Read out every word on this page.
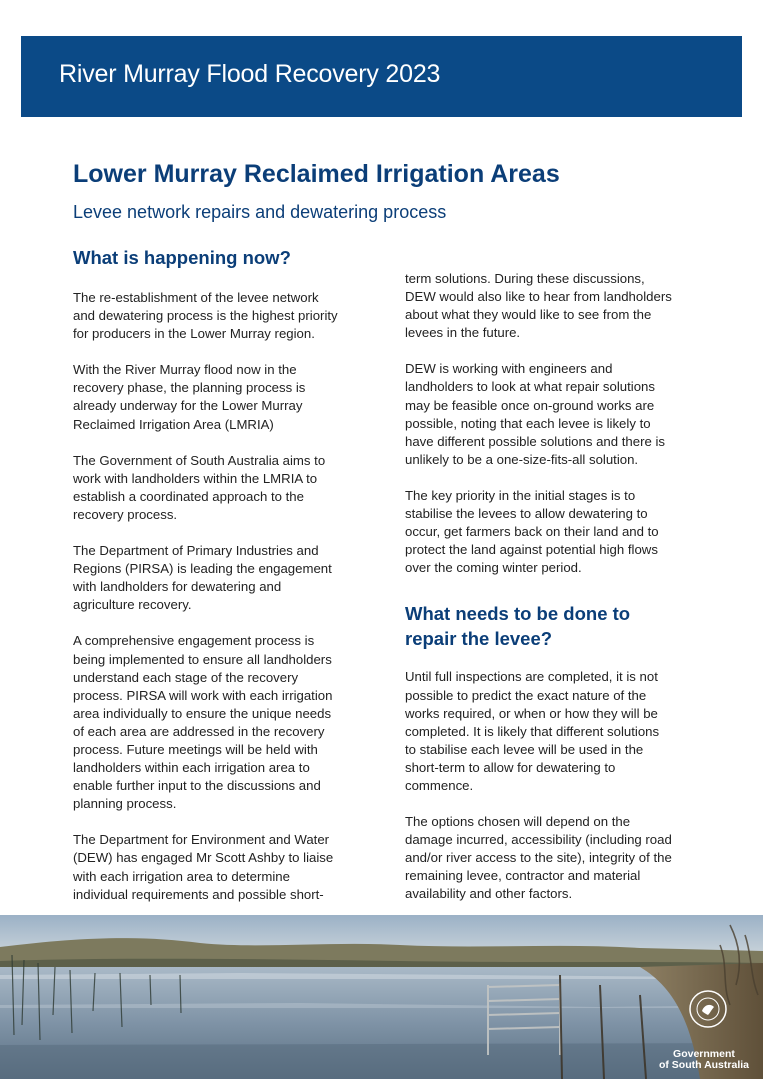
River Murray Flood Recovery 2023
Lower Murray Reclaimed Irrigation Areas
Levee network repairs and dewatering process
What is happening now?

The re-establishment of the levee network
and dewatering process is the highest priority
for producers in the Lower Murray region.

With the River Murray flood now in the
recovery phase, the planning process is
already underway for the Lower Murray
Reclaimed Irrigation Area (LMRIA)

The Government of South Australia aims to
work with landholders within the LMRIA to
establish a coordinated approach to the
recovery process.

The Department of Primary Industries and
Regions (PIRSA) is leading the engagement
with landholders for dewatering and
agriculture recovery.

A comprehensive engagement process is
being implemented to ensure all landholders
understand each stage of the recovery
process. PIRSA will work with each irrigation
area individually to ensure the unique needs
of each area are addressed in the recovery
process. Future meetings will be held with
landholders within each irrigation area to
enable further input to the discussions and
planning process.

The Department for Environment and Water
(DEW) has engaged Mr Scott Ashby to liaise
with each irrigation area to determine
individual requirements and possible short-

term solutions. During these discussions,
DEW would also like to hear from landholders
about what they would like to see from the
levees in the future.

DEW is working with engineers and
landholders to look at what repair solutions
may be feasible once on-ground works are
possible, noting that each levee is likely to
have different possible solutions and there is
unlikely to be a one-size-fits-all solution.

The key priority in the initial stages is to
stabilise the levees to allow dewatering to
occur, get farmers back on their land and to
protect the land against potential high flows
over the coming winter period.

What needs to be done to
repair the levee?

Until full inspections are completed, it is not
possible to predict the exact nature of the
works required, or when or how they will be
completed. It is likely that different solutions
to stabilise each levee will be used in the
short-term to allow for dewatering to
commence.

The options chosen will depend on the
damage incurred, accessibility (including road
and/or river access to the site), integrity of the
remaining levee, contractor and material
availability and other factors.

Government
of South Australia
